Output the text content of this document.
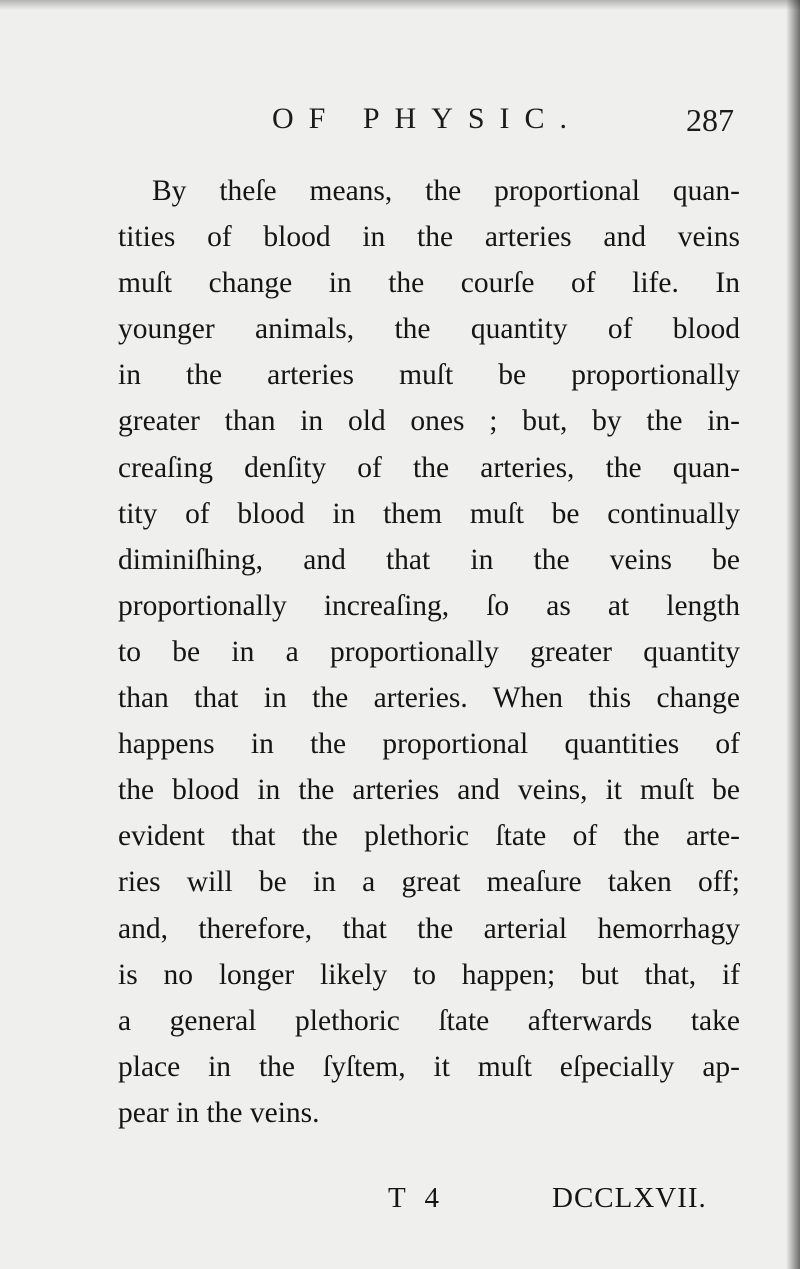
OF PHYSIC.	287
By theſe means, the proportional quan-
tities of blood in the arteries and veins
muſt change in the courſe of life. In
younger animals, the quantity of blood
in the arteries muſt be proportionally
greater than in old ones ; but, by the in-
creaſing denſity of the arteries, the quan-
tity of blood in them muſt be continually
diminiſhing, and that in the veins be
proportionally increaſing, ſo as at length
to be in a proportionally greater quantity
than that in the arteries. When this change
happens in the proportional quantities of
the blood in the arteries and veins, it muſt be
evident that the plethoric ſtate of the arte-
ries will be in a great meaſure taken off;
and, therefore, that the arterial hemorrhagy
is no longer likely to happen; but that, if
a general plethoric ſtate afterwards take
place in the ſyſtem, it muſt eſpecially ap-
pear in the veins.
T 4	DCCLXVII.
